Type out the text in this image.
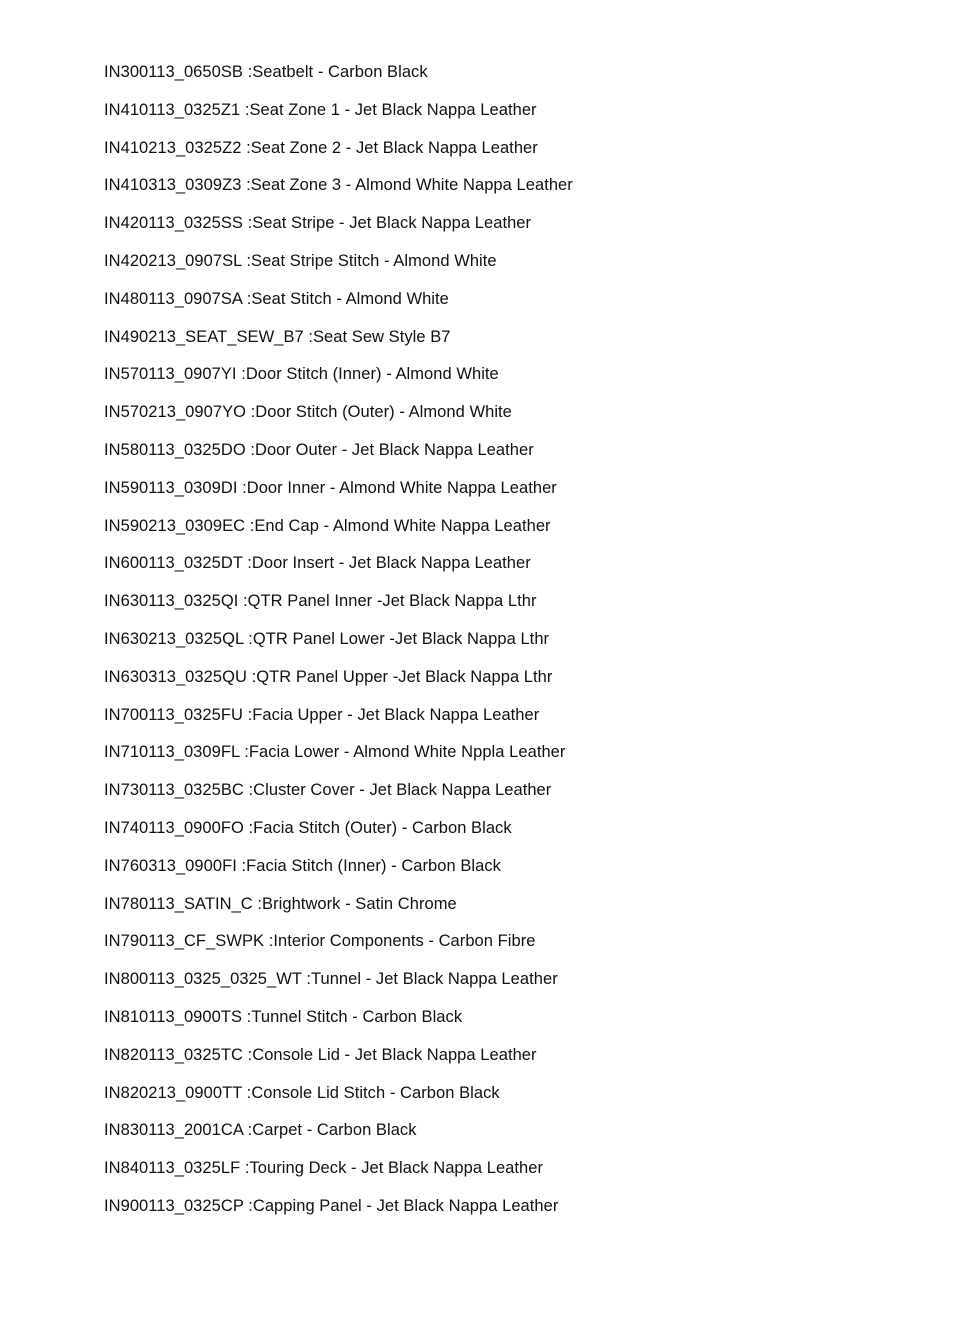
IN300113_0650SB :Seatbelt - Carbon Black
IN410113_0325Z1 :Seat Zone 1 - Jet Black Nappa Leather
IN410213_0325Z2 :Seat Zone 2 - Jet Black Nappa Leather
IN410313_0309Z3 :Seat Zone 3 - Almond White Nappa Leather
IN420113_0325SS :Seat Stripe - Jet Black Nappa Leather
IN420213_0907SL :Seat Stripe Stitch - Almond White
IN480113_0907SA :Seat Stitch - Almond White
IN490213_SEAT_SEW_B7 :Seat Sew Style B7
IN570113_0907YI :Door Stitch (Inner) - Almond White
IN570213_0907YO :Door Stitch (Outer) - Almond White
IN580113_0325DO :Door Outer - Jet Black Nappa Leather
IN590113_0309DI :Door Inner - Almond White Nappa Leather
IN590213_0309EC :End Cap - Almond White Nappa Leather
IN600113_0325DT :Door Insert - Jet Black Nappa Leather
IN630113_0325QI :QTR Panel Inner -Jet Black Nappa Lthr
IN630213_0325QL :QTR Panel Lower -Jet Black Nappa Lthr
IN630313_0325QU :QTR Panel Upper -Jet Black Nappa Lthr
IN700113_0325FU :Facia Upper - Jet Black Nappa Leather
IN710113_0309FL :Facia Lower - Almond White Nppla Leather
IN730113_0325BC :Cluster Cover - Jet Black Nappa Leather
IN740113_0900FO :Facia Stitch (Outer) - Carbon Black
IN760313_0900FI :Facia Stitch (Inner) - Carbon Black
IN780113_SATIN_C :Brightwork - Satin Chrome
IN790113_CF_SWPK :Interior Components - Carbon Fibre
IN800113_0325_0325_WT :Tunnel - Jet Black Nappa Leather
IN810113_0900TS :Tunnel Stitch - Carbon Black
IN820113_0325TC :Console Lid - Jet Black Nappa Leather
IN820213_0900TT :Console Lid Stitch - Carbon Black
IN830113_2001CA :Carpet - Carbon Black
IN840113_0325LF :Touring Deck - Jet Black Nappa Leather
IN900113_0325CP :Capping Panel - Jet Black Nappa Leather
